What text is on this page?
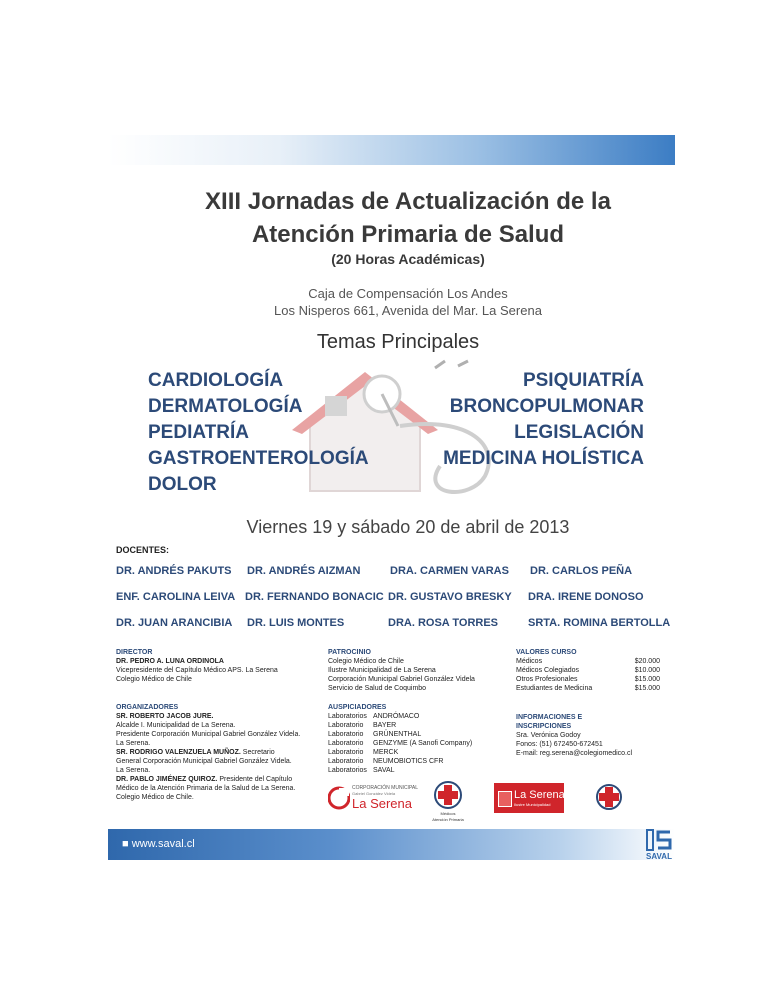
XIII Jornadas de Actualización de la
Atención Primaria de Salud
(20 Horas Académicas)
Caja de Compensación Los Andes
Los Nisperos 661, Avenida del Mar. La Serena
Temas Principales
CARDIOLOGÍA
DERMATOLOGÍA
PEDIATRÍA
GASTROENTEROLOGÍA
DOLOR
PSIQUIATRÍA
BRONCOPULMONAR
LEGISLACIÓN
MEDICINA HOLÍSTICA
Viernes 19 y sábado 20 de abril de 2013
DOCENTES:
DR. ANDRÉS PAKUTS DR. ANDRÉS AIZMAN	DRA. CARMEN VARAS DR. CARLOS PEÑA
ENF. CAROLINA LEIVA DR. FERNANDO BONACIC DR. GUSTAVO BRESKY DRA. IRENE DONOSO
DR. JUAN ARANCIBIA DR. LUIS MONTES	DRA. ROSA TORRES	SRTA. ROMINA BERTOLLA
DIRECTOR
DR. PEDRO A. LUNA ORDINOLA
Vicepresidente del Capítulo Médico APS. La Serena
Colegio Médico de Chile
ORGANIZADORES
SR. ROBERTO JACOB JURE.
Alcalde I. Municipalidad de La Serena.
Presidente Corporación Municipal Gabriel González Videla.
La Serena.
SR. RODRIGO VALENZUELA MUÑOZ. Secretario
General Corporación Municipal Gabriel González Videla.
La Serena.
DR. PABLO JIMÉNEZ QUIROZ. Presidente del Capítulo
Médico de la Atención Primaria de la Salud de La Serena.
Colegio Médico de Chile.
PATROCINIO
Colegio Médico de Chile
Ilustre Municipalidad de La Serena
Corporación Municipal Gabriel González Videla
Servicio de Salud de Coquimbo
AUSPICIADORES
Laboratorios ANDRÓMACO
Laboratorio BAYER
Laboratorio GRÜNENTHAL
Laboratorio GENZYME (A Sanofi Company)
Laboratorio MERCK
Laboratorio NEUMOBIOTICS CFR
Laboratorios SAVAL
VALORES CURSO
Médicos	$20.000
Médicos Colegiados	$10.000
Otros Profesionales	$15.000
Estudiantes de Medicina	$15.000
INFORMACIONES E
INSCRIPCIONES
Sra. Verónica Godoy
Fonos: (51) 672450-672451
E-mail: reg.serena@colegiomedico.cl
CORPORACIÓN MUNICIPAL
Gabriel González Videla
La Serena
Médicos
Atención Primaria
La Serena
Ilustre Municipalidad
■ www.saval.cl
SAVAL
